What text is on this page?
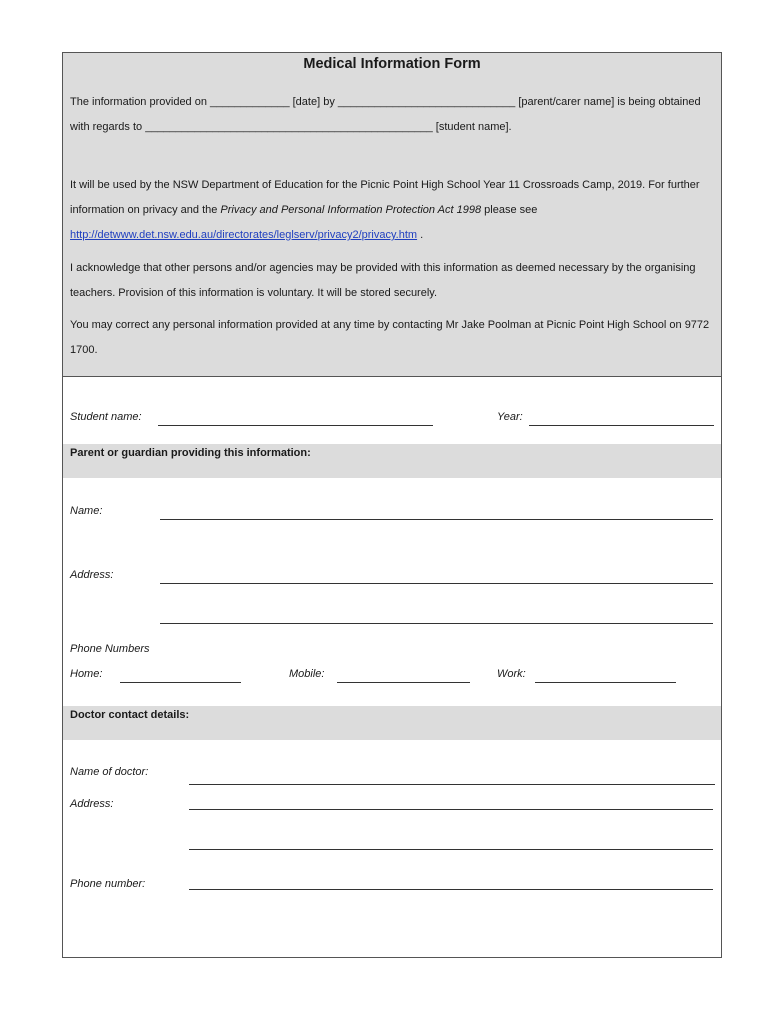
Medical Information Form
The information provided on _____________ [date] by _____________________________ [parent/carer name] is being obtained with regards to _______________________________________________ [student name].
It will be used by the NSW Department of Education for the Picnic Point High School Year 11 Crossroads Camp, 2019. For further information on privacy and the Privacy and Personal Information Protection Act 1998 please see http://detwww.det.nsw.edu.au/directorates/leglserv/privacy2/privacy.htm .
I acknowledge that other persons and/or agencies may be provided with this information as deemed necessary by the organising teachers. Provision of this information is voluntary. It will be stored securely.
You may correct any personal information provided at any time by contacting Mr Jake Poolman at Picnic Point High School on 9772 1700.
Student name:	Year:
Parent or guardian providing this information:
Name:
Address:
Phone Numbers
Home:	Mobile:	Work:
Doctor contact details:
Name of doctor:
Address:
Phone number:
